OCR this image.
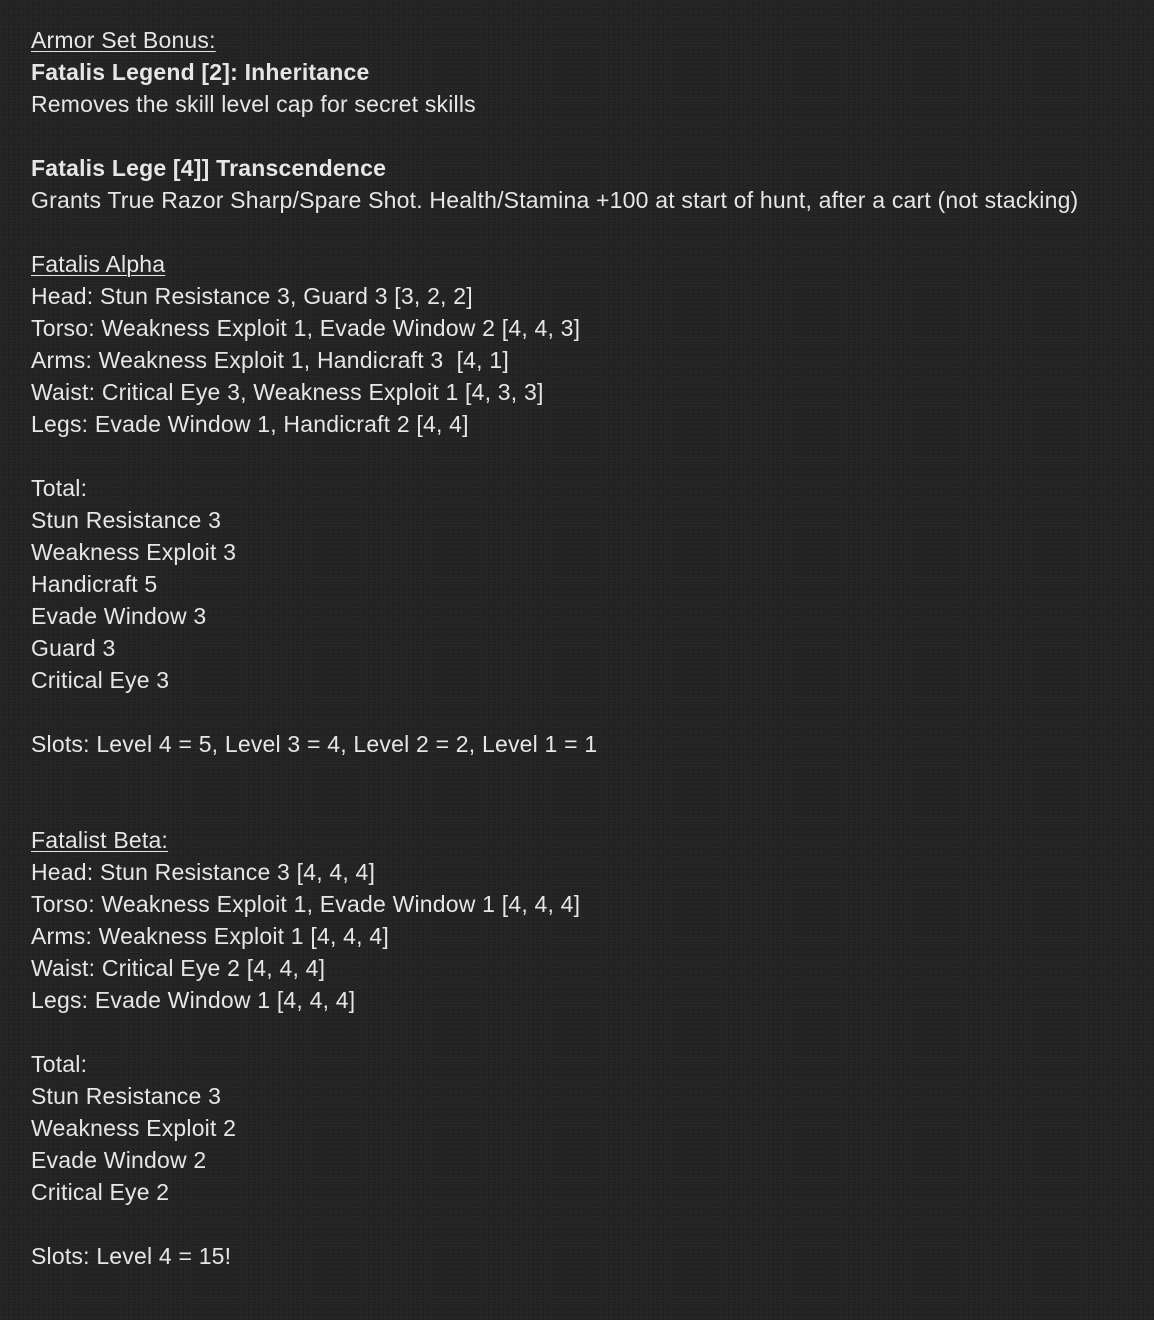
Armor Set Bonus:
Fatalis Legend [2]: Inheritance
Removes the skill level cap for secret skills
Fatalis Lege [4]] Transcendence
Grants True Razor Sharp/Spare Shot. Health/Stamina +100 at start of hunt, after a cart (not stacking)
Fatalis Alpha
Head: Stun Resistance 3, Guard 3 [3, 2, 2]
Torso: Weakness Exploit 1, Evade Window 2 [4, 4, 3]
Arms: Weakness Exploit 1, Handicraft 3  [4, 1]
Waist: Critical Eye 3, Weakness Exploit 1 [4, 3, 3]
Legs: Evade Window 1, Handicraft 2 [4, 4]
Total:
Stun Resistance 3
Weakness Exploit 3
Handicraft 5
Evade Window 3
Guard 3
Critical Eye 3
Slots: Level 4 = 5, Level 3 = 4, Level 2 = 2, Level 1 = 1
Fatalist Beta:
Head: Stun Resistance 3 [4, 4, 4]
Torso: Weakness Exploit 1, Evade Window 1 [4, 4, 4]
Arms: Weakness Exploit 1 [4, 4, 4]
Waist: Critical Eye 2 [4, 4, 4]
Legs: Evade Window 1 [4, 4, 4]
Total:
Stun Resistance 3
Weakness Exploit 2
Evade Window 2
Critical Eye 2
Slots: Level 4 = 15!
